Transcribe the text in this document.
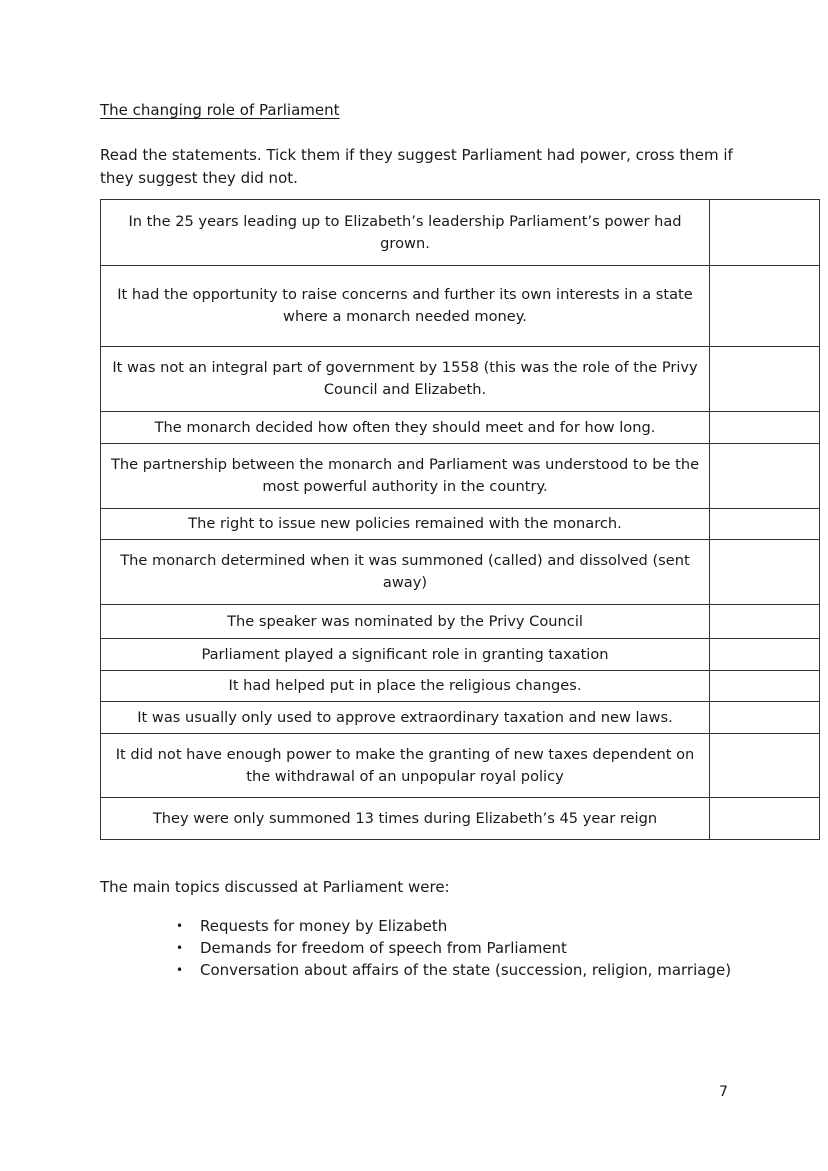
The changing role of Parliament
Read the statements. Tick them if they suggest Parliament had power, cross them if they suggest they did not.
In the 25 years leading up to Elizabeth’s leadership Parliament’s power had grown.	
It had the opportunity to raise concerns and further its own interests in a state where a monarch needed money.	
It was not an integral part of government by 1558 (this was the role of the Privy Council and Elizabeth.	
The monarch decided how often they should meet and for how long.	
The partnership between the monarch and Parliament was understood to be the most powerful authority in the country.	
The right to issue new policies remained with the monarch.	
The monarch determined when it was summoned (called) and dissolved (sent away)	
The speaker was nominated by the Privy Council	
Parliament played a significant role in granting taxation	
It had helped put in place the religious changes.	
It was usually only used to approve extraordinary taxation and new laws.	
It did not have enough power to make the granting of new taxes dependent on the withdrawal of an unpopular royal policy	
They were only summoned 13 times during Elizabeth’s 45 year reign	
The main topics discussed at Parliament were:
• Requests for money by Elizabeth
• Demands for freedom of speech from Parliament
• Conversation about affairs of the state (succession, religion, marriage)
7
